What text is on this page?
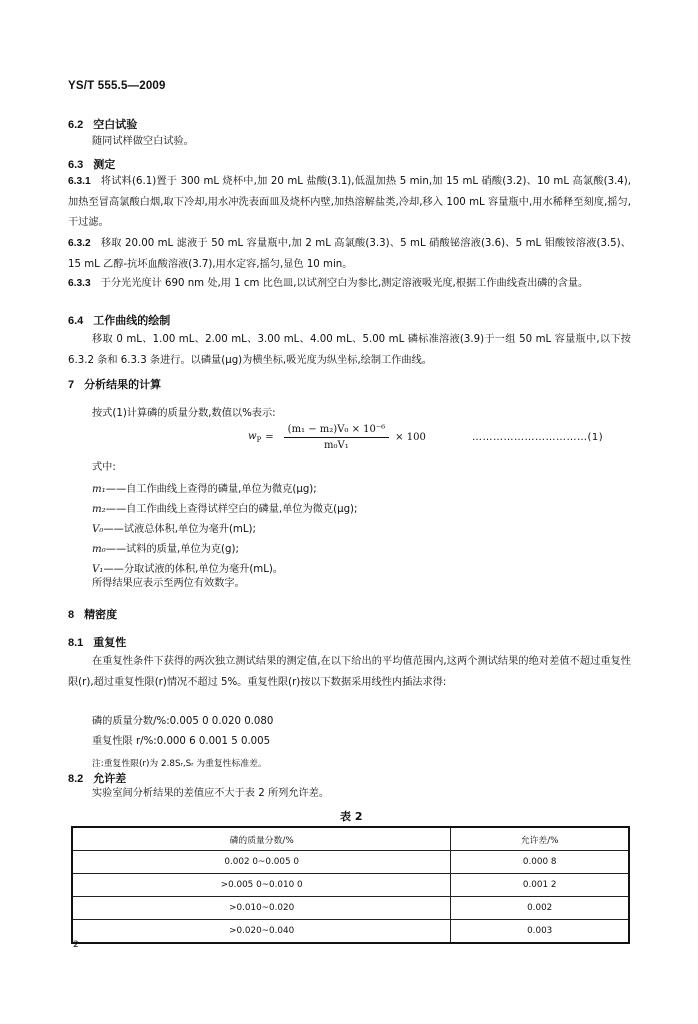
YS/T 555.5—2009
6.2 空白试验
随同试样做空白试验。
6.3 测定

6.3.1 将试料(6.1)置于 300 mL 烧杯中,加 20 mL 盐酸(3.1),低温加热 5 min,加 15 mL 硝酸(3.2)、10 mL 高氯酸(3.4),加热至冒高氯酸白烟,取下冷却,用水冲洗表面皿及烧杯内壁,加热溶解盐类,冷却,移入 100 mL 容量瓶中,用水稀释至刻度,摇匀,干过滤。

6.3.2 移取 20.00 mL 滤液于 50 mL 容量瓶中,加 2 mL 高氯酸(3.3)、5 mL 硝酸铋溶液(3.6)、5 mL 钼酸铵溶液(3.5)、15 mL 乙醇-抗坏血酸溶液(3.7),用水定容,摇匀,显色 10 min。

6.3.3 于分光光度计 690 nm 处,用 1 cm 比色皿,以试剂空白为参比,测定溶液吸光度,根据工作曲线查出磷的含量。

6.4 工作曲线的绘制

移取 0 mL、1.00 mL、2.00 mL、3.00 mL、4.00 mL、5.00 mL 磷标准溶液(3.9)于一组 50 mL 容量瓶中,以下按 6.3.2 条和 6.3.3 条进行。以磷量(μg)为横坐标,吸光度为纵坐标,绘制工作曲线。

7 分析结果的计算
按式(1)计算磷的质量分数,数值以%表示:
$w_P = \frac{\text{(m₁ − m₂)V₀ × 10⁻⁶}}{\text{m₀V₁}} \times 100$	……………………………(1)
式中:
m₁——自工作曲线上查得的磷量,单位为微克(μg);
m₂——自工作曲线上查得试样空白的磷量,单位为微克(μg);
V₀——试液总体积,单位为毫升(mL);
m₀——试料的质量,单位为克(g);
V₁——分取试液的体积,单位为毫升(mL)。
所得结果应表示至两位有效数字。
8 精密度
8.1 重复性

在重复性条件下获得的两次独立测试结果的测定值,在以下给出的平均值范围内,这两个测试结果的绝对差值不超过重复性限(r),超过重复性限(r)情况不超过 5%。重复性限(r)按以下数据采用线性内插法求得:

磷的质量分数/%:0.005 0 0.020 0.080
重复性限 r/%:0.000 6 0.001 5 0.005
注:重复性限(r)为 2.8Sᵣ,Sᵣ 为重复性标准差。
8.2 允许差
实验室间分析结果的差值应不大于表 2 所列允许差。
表 2
磷的质量分数/%	允许差/%
0.002 0~0.005 0	0.000 8
>0.005 0~0.010 0	0.001 2
>0.010~0.020	0.002
>0.020~0.040	0.003
2
